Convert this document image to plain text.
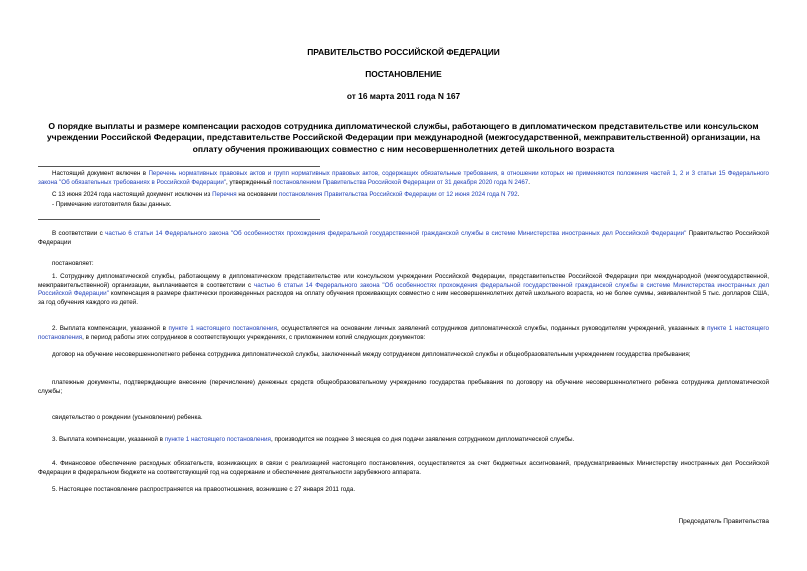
ПРАВИТЕЛЬСТВО РОССИЙСКОЙ ФЕДЕРАЦИИ
ПОСТАНОВЛЕНИЕ
от 16 марта 2011 года N 167
О порядке выплаты и размере компенсации расходов сотрудника дипломатической службы, работающего в дипломатическом представительстве или консульском учреждении Российской Федерации, представительстве Российской Федерации при международной (межгосударственной, межправительственной) организации, на оплату обучения проживающих совместно с ним несовершеннолетних детей школьного возраста
Настоящий документ включен в Перечень нормативных правовых актов и групп нормативных правовых актов, содержащих обязательные требования, в отношении которых не применяются положения частей 1, 2 и 3 статьи 15 Федерального закона "Об обязательных требованиях в Российской Федерации", утвержденный постановлением Правительства Российской Федерации от 31 декабря 2020 года N 2467.
С 13 июня 2024 года настоящий документ исключен из Перечня на основании постановления Правительства Российской Федерации от 12 июня 2024 года N 792.
- Примечание изготовителя базы данных.
В соответствии с частью 6 статьи 14 Федерального закона "Об особенностях прохождения федеральной государственной гражданской службы в системе Министерства иностранных дел Российской Федерации" Правительство Российской Федерации
постановляет:
1. Сотруднику дипломатической службы, работающему в дипломатическом представительстве или консульском учреждении Российской Федерации, представительстве Российской Федерации при международной (межгосударственной, межправительственной) организации, выплачивается в соответствии с частью 6 статьи 14 Федерального закона "Об особенностях прохождения федеральной государственной гражданской службы в системе Министерства иностранных дел Российской Федерации" компенсация в размере фактически произведенных расходов на оплату обучения проживающих совместно с ним несовершеннолетних детей школьного возраста, но не более суммы, эквивалентной 5 тыс. долларов США, за год обучения каждого из детей.
2. Выплата компенсации, указанной в пункте 1 настоящего постановления, осуществляется на основании личных заявлений сотрудников дипломатической службы, поданных руководителям учреждений, указанных в пункте 1 настоящего постановления, в период работы этих сотрудников в соответствующих учреждениях, с приложением копий следующих документов:
договор на обучение несовершеннолетнего ребенка сотрудника дипломатической службы, заключенный между сотрудником дипломатической службы и общеобразовательным учреждением государства пребывания;
платежные документы, подтверждающие внесение (перечисление) денежных средств общеобразовательному учреждению государства пребывания по договору на обучение несовершеннолетнего ребенка сотрудника дипломатической службы;
свидетельство о рождении (усыновлении) ребенка.
3. Выплата компенсации, указанной в пункте 1 настоящего постановления, производится не позднее 3 месяцев со дня подачи заявления сотрудником дипломатической службы.
4. Финансовое обеспечение расходных обязательств, возникающих в связи с реализацией настоящего постановления, осуществляется за счет бюджетных ассигнований, предусматриваемых Министерству иностранных дел Российской Федерации в федеральном бюджете на соответствующий год на содержание и обеспечение деятельности зарубежного аппарата.
5. Настоящее постановление распространяется на правоотношения, возникшие с 27 января 2011 года.
Председатель Правительства
